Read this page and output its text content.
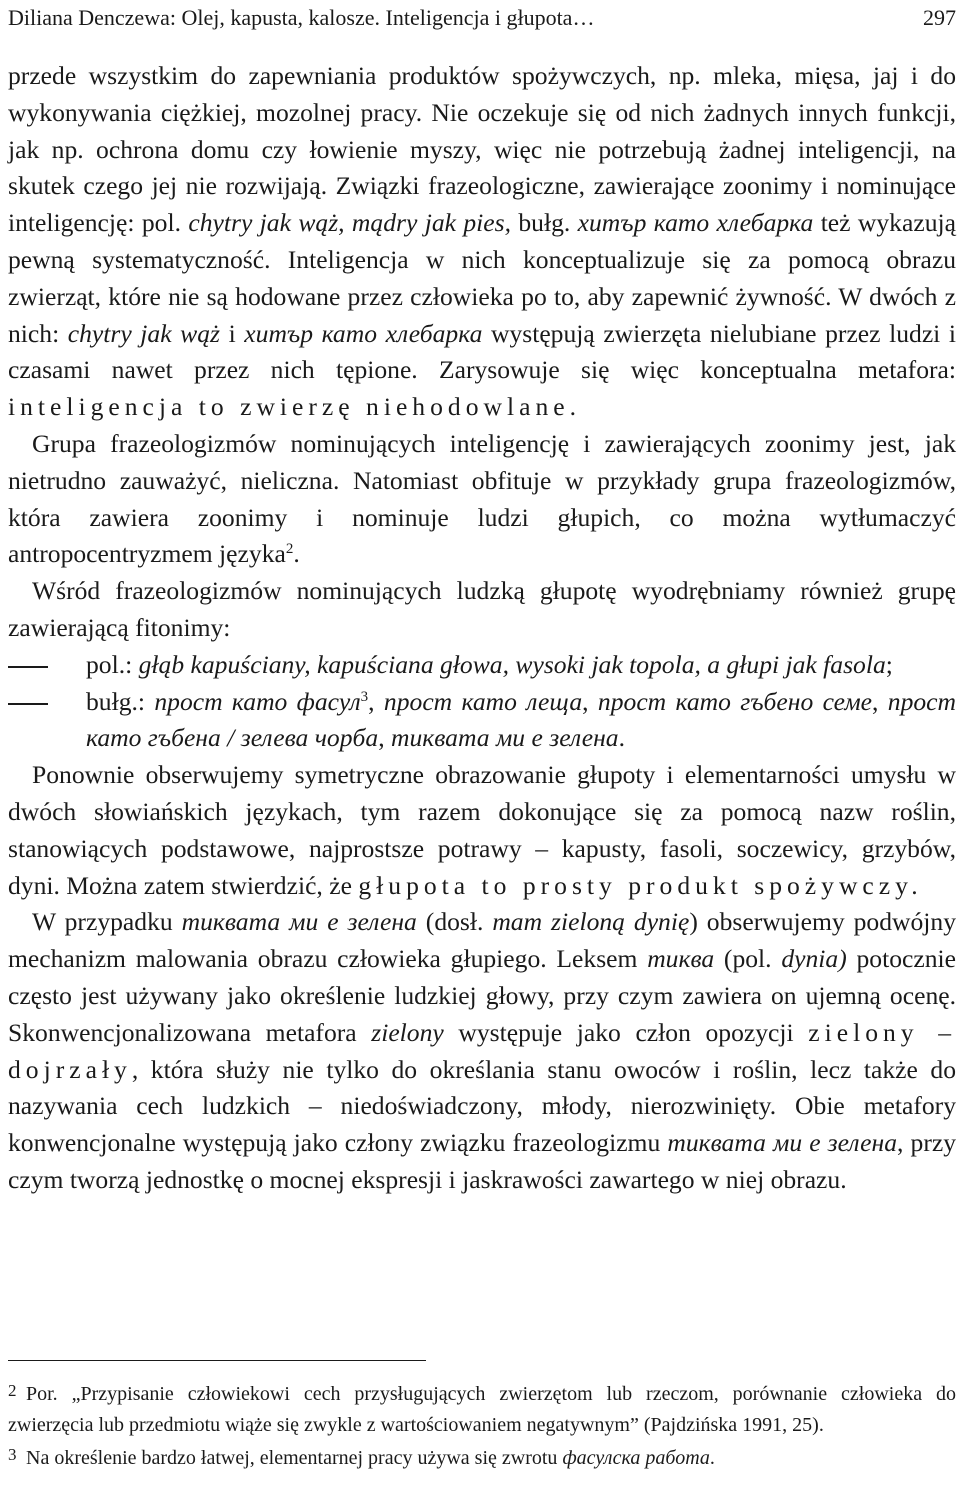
Diliana Denczewa: Olej, kapusta, kalosze. Inteligencja i głupota…	297

przede wszystkim do zapewniania produktów spożywczych, np. mleka, mięsa, jaj i do wykonywania ciężkiej, mozolnej pracy. Nie oczekuje się od nich żadnych innych funkcji, jak np. ochrona domu czy łowienie myszy, więc nie potrzebują żadnej inteligencji, na skutek czego jej nie rozwijają. Związki frazeologiczne, zawierające zoonimy i nominujące inteligencję: pol. chytry jak wąż, mądry jak pies, bułg. хитър като хлебарка też wykazują pewną systematyczność. Inteligencja w nich konceptualizuje się za pomocą obrazu zwierząt, które nie są hodowane przez człowieka po to, aby zapewnić żywność. W dwóch z nich: chytry jak wąż i хитър като хлебарка występują zwierzęta nielubiane przez ludzi i czasami nawet przez nich tępione. Zarysowuje się więc konceptualna metafora: inteligencja to zwierzę niehodowlane.

Grupa frazeologizmów nominujących inteligencję i zawierających zoonimy jest, jak nietrudno zauważyć, nieliczna. Natomiast obfituje w przykłady grupa frazeologizmów, która zawiera zoonimy i nominuje ludzi głupich, co można wytłumaczyć antropocentryzmem języka$^2$.

Wśród frazeologizmów nominujących ludzką głupotę wyodrębniamy również grupę zawierającą fitonimy:

pol.: głąb kapuściany, kapuściana głowa, wysoki jak topola, a głupi jak fasola;
bułg.: прост като фасул$^3$, прост като леща, прост като гъбено семе, прост като гъбена / зелева чорба, тиквата ми е зелена.

Ponownie obserwujemy symetryczne obrazowanie głupoty i elementarności umysłu w dwóch słowiańskich językach, tym razem dokonujące się za pomocą nazw roślin, stanowiących podstawowe, najprostsze potrawy – kapusty, fasoli, soczewicy, grzybów, dyni. Można zatem stwierdzić, że głupota to prosty produkt spożywczy.

W przypadku тиквата ми е зелена (dosł. mam zieloną dynię) obserwujemy podwójny mechanizm malowania obrazu człowieka głupiego. Leksem тиква (pol. dynia) potocznie często jest używany jako określenie ludzkiej głowy, przy czym zawiera on ujemną ocenę. Skonwencjonalizowana metafora zielony występuje jako człon opozycji zielony – dojrzały, która służy nie tylko do określania stanu owoców i roślin, lecz także do nazywania cech ludzkich – niedoświadczony, młody, nierozwinięty. Obie metafory konwencjonalne występują jako człony związku frazeologizmu тиквата ми е зелена, przy czym tworzą jednostkę o mocnej ekspresji i jaskrawości zawartego w niej obrazu.

2 Por. „Przypisanie człowiekowi cech przysługujących zwierzętom lub rzeczom, porównanie człowieka do zwierzęcia lub przedmiotu wiąże się zwykle z wartościowaniem negatywnym” (Pajdzińska 1991, 25).

3 Na określenie bardzo łatwej, elementarnej pracy używa się zwrotu фасулска работа.
